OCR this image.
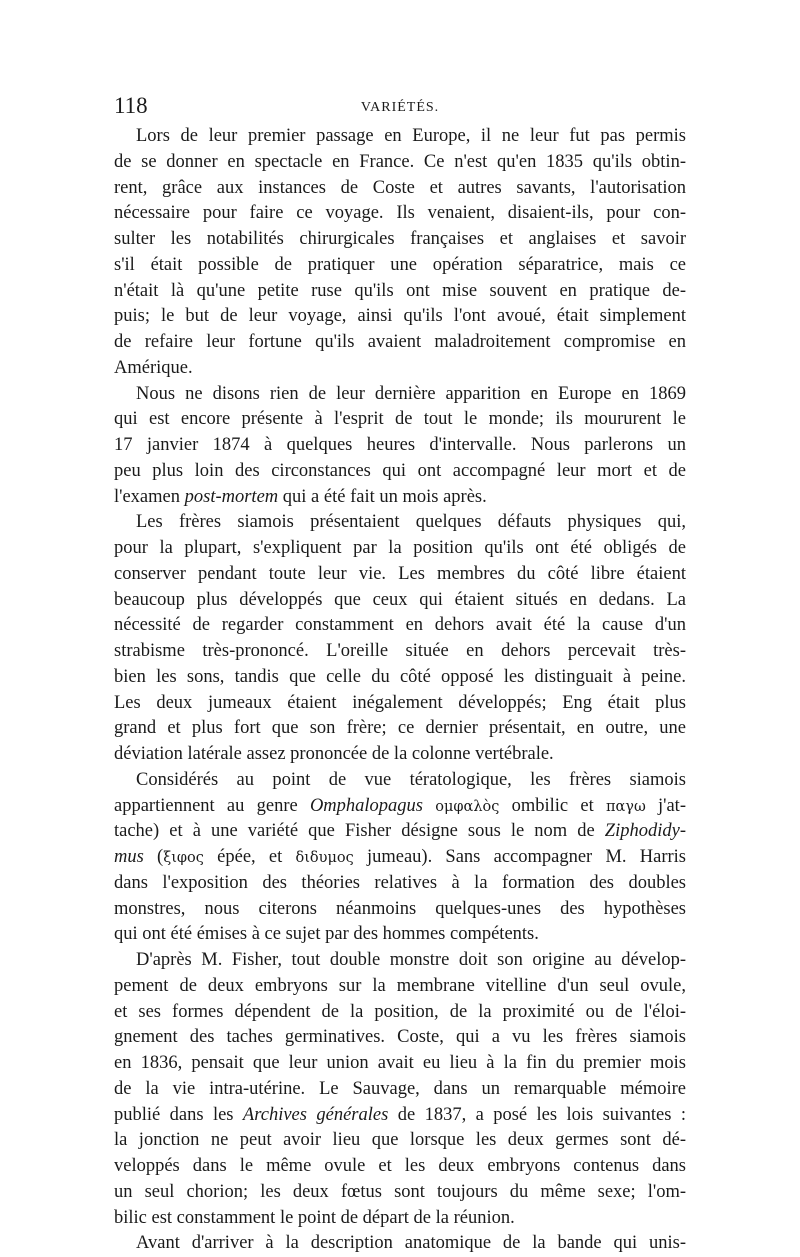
118	VARIÉTÉS.
Lors de leur premier passage en Europe, il ne leur fut pas permis
de se donner en spectacle en France. Ce n'est qu'en 1835 qu'ils obtin-
rent, grâce aux instances de Coste et autres savants, l'autorisation
nécessaire pour faire ce voyage. Ils venaient, disaient-ils, pour con-
sulter les notabilités chirurgicales françaises et anglaises et savoir
s'il était possible de pratiquer une opération séparatrice, mais ce
n'était là qu'une petite ruse qu'ils ont mise souvent en pratique de-
puis; le but de leur voyage, ainsi qu'ils l'ont avoué, était simplement
de refaire leur fortune qu'ils avaient maladroitement compromise en
Amérique.
Nous ne disons rien de leur dernière apparition en Europe en 1869
qui est encore présente à l'esprit de tout le monde; ils moururent le
17 janvier 1874 à quelques heures d'intervalle. Nous parlerons un
peu plus loin des circonstances qui ont accompagné leur mort et de
l'examen post-mortem qui a été fait un mois après.
Les frères siamois présentaient quelques défauts physiques qui,
pour la plupart, s'expliquent par la position qu'ils ont été obligés de
conserver pendant toute leur vie. Les membres du côté libre étaient
beaucoup plus développés que ceux qui étaient situés en dedans. La
nécessité de regarder constamment en dehors avait été la cause d'un
strabisme très-prononcé. L'oreille située en dehors percevait très-
bien les sons, tandis que celle du côté opposé les distinguait à peine.
Les deux jumeaux étaient inégalement développés; Eng était plus
grand et plus fort que son frère; ce dernier présentait, en outre, une
déviation latérale assez prononcée de la colonne vertébrale.
Considérés au point de vue tératologique, les frères siamois
appartiennent au genre Omphalopagus ομφαλὸς ombilic et παγω j'at-
tache) et à une variété que Fisher désigne sous le nom de Ziphodidy-
mus (ξιφος épée, et διδυμος jumeau). Sans accompagner M. Harris
dans l'exposition des théories relatives à la formation des doubles
monstres, nous citerons néanmoins quelques-unes des hypothèses
qui ont été émises à ce sujet par des hommes compétents.
D'après M. Fisher, tout double monstre doit son origine au dévelop-
pement de deux embryons sur la membrane vitelline d'un seul ovule,
et ses formes dépendent de la position, de la proximité ou de l'éloi-
gnement des taches germinatives. Coste, qui a vu les frères siamois
en 1836, pensait que leur union avait eu lieu à la fin du premier mois
de la vie intra-utérine. Le Sauvage, dans un remarquable mémoire
publié dans les Archives générales de 1837, a posé les lois suivantes :
la jonction ne peut avoir lieu que lorsque les deux germes sont dé-
veloppés dans le même ovule et les deux embryons contenus dans
un seul chorion; les deux fœtus sont toujours du même sexe; l'om-
bilic est constamment le point de départ de la réunion.
Avant d'arriver à la description anatomique de la bande qui unis-
